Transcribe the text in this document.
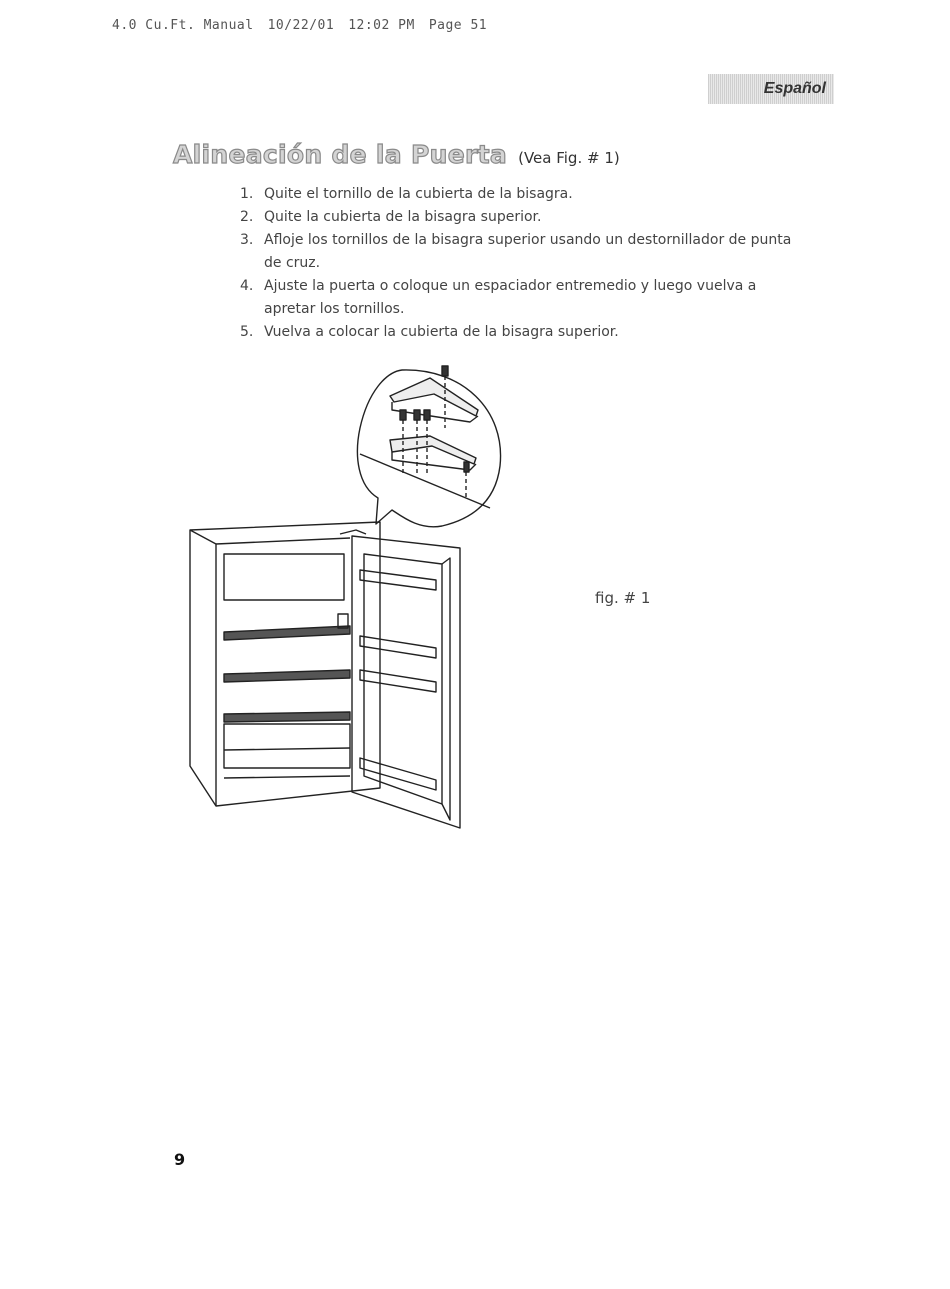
4.0 Cu.Ft. Manual 10/22/01 12:02 PM Page 51
Español
Alineación de la Puerta (Vea Fig. # 1)
1. Quite el tornillo de la cubierta de la bisagra.
2. Quite la cubierta de la bisagra superior.
3. Afloje los tornillos de la bisagra superior usando un destornillador de punta de cruz.
4. Ajuste la puerta o coloque un espaciador entremedio y luego vuelva a apretar los tornillos.
5. Vuelva a colocar la cubierta de la bisagra superior.
fig. # 1
9
